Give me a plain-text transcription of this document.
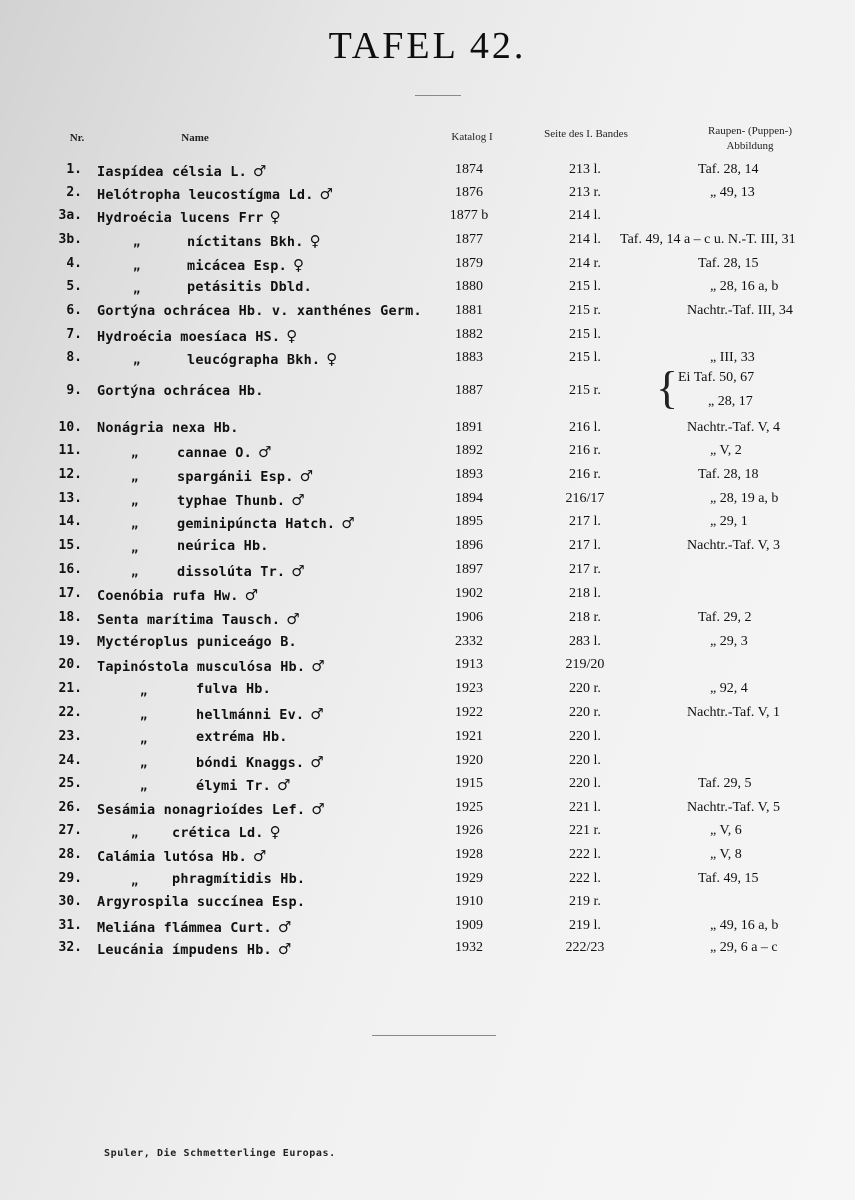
TAFEL 42.
Nr.	Name	Katalog I	Seite des I. Bandes	Raupen- (Puppen-)
Abbildung
1. Iaspídea célsia L. ♂	1874	213 l.	Taf. 28, 14
2. Helótropha leucostígma Ld. ♂	1876	213 r.	„ 49, 13
3a. Hydroécia lucens Frr ♀	1877 b	214 l.
3b.	„	níctitans Bkh. ♀	1877	214 l.	Taf. 49, 14 a – c u. N.-T. III, 31
4.	„	micácea Esp. ♀	1879	214 r.	Taf. 28, 15
5.	„	petásitis Dbld.	1880	215 l.	„ 28, 16 a, b
6. Gortýna ochrácea Hb. v. xanthénes Germ.	1881	215 r.	Nachtr.-Taf. III, 34
7. Hydroécia moesíaca HS. ♀	1882	215 l.
8.	„	leucógrapha Bkh. ♀	1883	215 l.	„ III, 33
9. Gortýna ochrácea Hb.	1887	215 r.
Ei Taf. 50, 67
„ 28, 17
{
10. Nonágria nexa Hb.	1891	216 l.	Nachtr.-Taf. V, 4
11.	„	cannae O. ♂	1892	216 r.	„ V, 2
12.	„	spargánii Esp. ♂	1893	216 r.	Taf. 28, 18
13.	„	typhae Thunb. ♂	1894	216/17	„ 28, 19 a, b
14.	„	geminipúncta Hatch. ♂	1895	217 l.	„ 29, 1
15.	„	neúrica Hb.	1896	217 l.	Nachtr.-Taf. V, 3
16.	„	dissolúta Tr. ♂	1897	217 r.
17. Coenóbia rufa Hw. ♂	1902	218 l.
18. Senta marítima Tausch. ♂	1906	218 r.	Taf. 29, 2
19. Myctéroplus puniceágo B.	2332	283 l.	„ 29, 3
20. Tapinóstola musculósa Hb. ♂	1913	219/20
21.	„	fulva Hb.	1923	220 r.	„ 92, 4
22.	„	hellmánni Ev. ♂	1922	220 r.	Nachtr.-Taf. V, 1
23.	„	extréma Hb.	1921	220 l.
24.	„	bóndi Knaggs. ♂	1920	220 l.
25.	„	élymi Tr. ♂	1915	220 l.	Taf. 29, 5
26. Sesámia nonagrioídes Lef. ♂	1925	221 l.	Nachtr.-Taf. V, 5
27.	„	crética Ld. ♀	1926	221 r.	„ V, 6
28. Calámia lutósa Hb. ♂	1928	222 l.	„ V, 8
29.	„	phragmítidis Hb.	1929	222 l.	Taf. 49, 15
30. Argyrospila succínea Esp.	1910	219 r.
31. Meliána flámmea Curt. ♂	1909	219 l.	„ 49, 16 a, b
32. Leucánia ímpudens Hb. ♂	1932	222/23	„ 29, 6 a – c
Spuler, Die Schmetterlinge Europas.
